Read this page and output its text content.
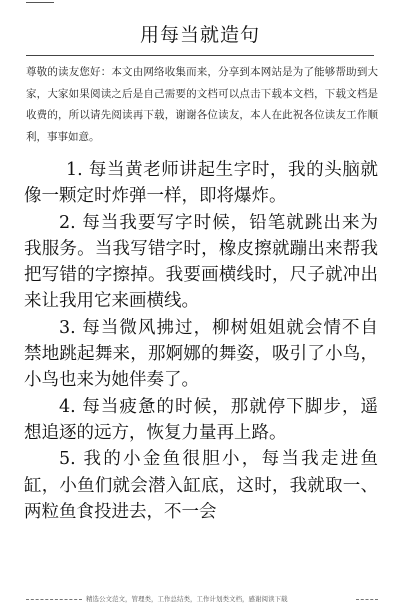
用每当就造句
尊敬的读友您好：本文由网络收集而来，分享到本网站是为了能够帮助到大家，大家如果阅读之后是自己需要的文档可以点击下载本文档，下载文档是收费的，所以请先阅读再下载，谢谢各位读友，本人在此祝各位读友工作顺利，事事如意。

1. 每当黄老师讲起生字时，我的头脑就像一颗定时炸弹一样，即将爆炸。

2. 每当我要写字时候，铅笔就跳出来为我服务。当我写错字时，橡皮擦就蹦出来帮我把写错的字擦掉。我要画横线时，尺子就冲出来让我用它来画横线。

3. 每当微风拂过，柳树姐姐就会情不自禁地跳起舞来，那婀娜的舞姿，吸引了小鸟，小鸟也来为她伴奏了。

4. 每当疲惫的时候，那就停下脚步，遥想追逐的远方，恢复力量再上路。

5. 我的小金鱼很胆小，每当我走进鱼缸，小鱼们就会潜入缸底，这时，我就取一、两粒鱼食投进去，不一会

精选公文范文，管理类，工作总结类，工作计划类文档，感谢阅读下载
